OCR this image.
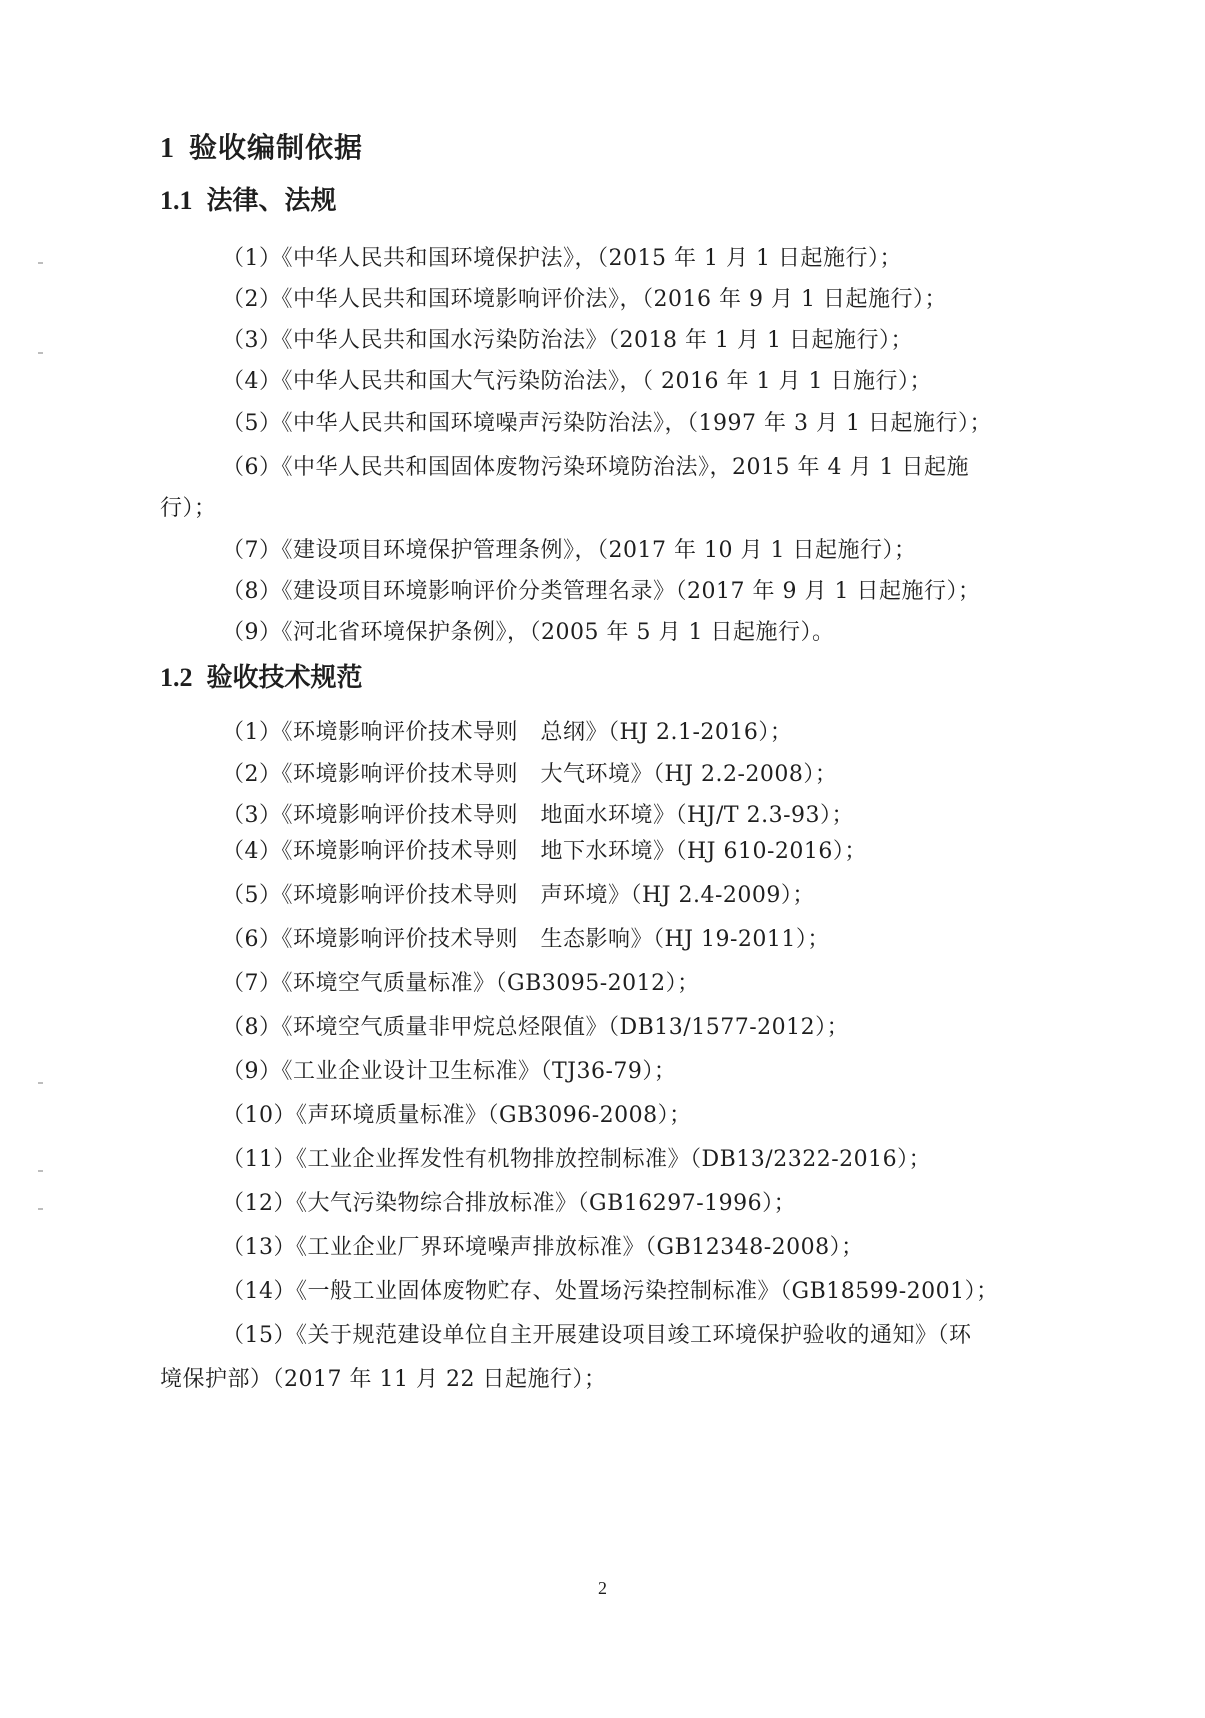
1 验收编制依据
1.1 法律、法规
（1）《中华人民共和国环境保护法》，（2015 年 1 月 1 日起施行）；
（2）《中华人民共和国环境影响评价法》，（2016 年 9 月 1 日起施行）；
（3）《中华人民共和国水污染防治法》（2018 年 1 月 1 日起施行）；
（4）《中华人民共和国大气污染防治法》，（ 2016 年 1 月 1 日施行）；
（5）《中华人民共和国环境噪声污染防治法》，（1997 年 3 月 1 日起施行）；
（6）《中华人民共和国固体废物污染环境防治法》，2015 年 4 月 1 日起施
行）；
（7）《建设项目环境保护管理条例》，（2017 年 10 月 1 日起施行）；
（8）《建设项目环境影响评价分类管理名录》（2017 年 9 月 1 日起施行）；
（9）《河北省环境保护条例》，（2005 年 5 月 1 日起施行）。
1.2 验收技术规范
（1）《环境影响评价技术导则　总纲》（HJ 2.1-2016）；
（2）《环境影响评价技术导则　大气环境》（HJ 2.2-2008）；
（3）《环境影响评价技术导则　地面水环境》（HJ/T 2.3-93）；
（4）《环境影响评价技术导则　地下水环境》（HJ 610-2016）；
（5）《环境影响评价技术导则　声环境》（HJ 2.4-2009）；
（6）《环境影响评价技术导则　生态影响》（HJ 19-2011）；
（7）《环境空气质量标准》（GB3095-2012）；
（8）《环境空气质量非甲烷总烃限值》（DB13/1577-2012）；
（9）《工业企业设计卫生标准》（TJ36-79）；
（10）《声环境质量标准》（GB3096-2008）；
（11）《工业企业挥发性有机物排放控制标准》（DB13/2322-2016）；
（12）《大气污染物综合排放标准》（GB16297-1996）；
（13）《工业企业厂界环境噪声排放标准》（GB12348-2008）；
（14）《一般工业固体废物贮存、处置场污染控制标准》（GB18599-2001）；
（15）《关于规范建设单位自主开展建设项目竣工环境保护验收的通知》（环
境保护部）（2017 年 11 月 22 日起施行）；
2
